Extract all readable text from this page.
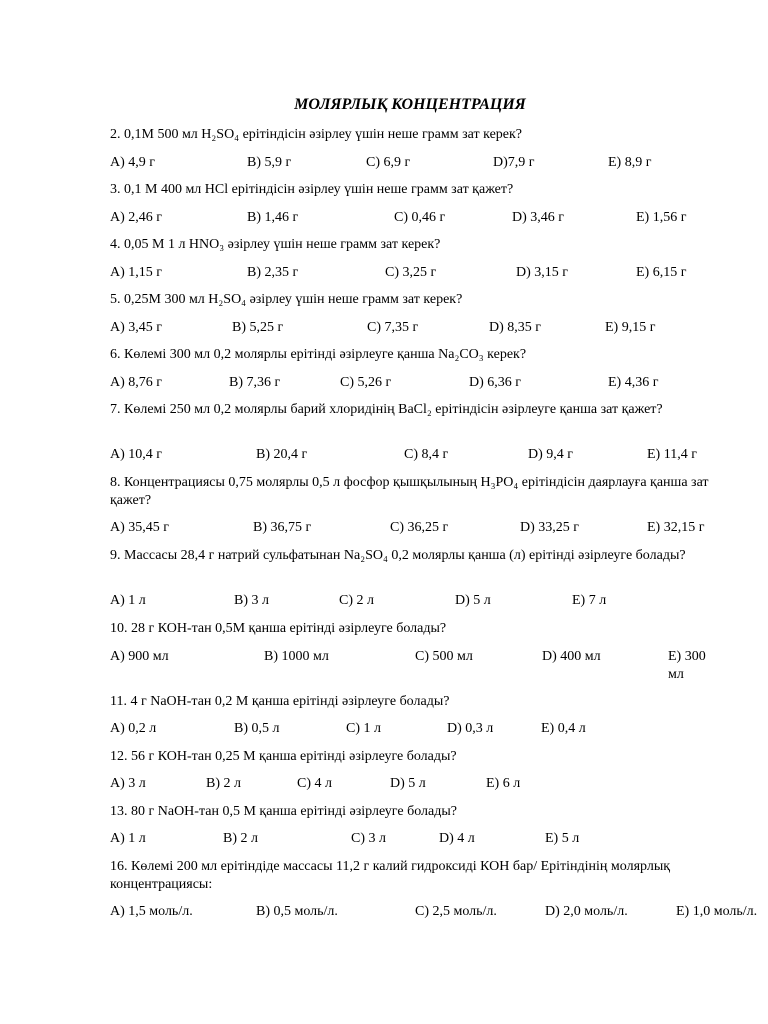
МОЛЯРЛЫҚ КОНЦЕНТРАЦИЯ
2. 0,1М 500 мл H₂SO₄ ерітіндісін әзірлеу үшін неше грамм зат керек?
А) 4,9 г	В) 5,9 г	С) 6,9 г	D)7,9 г	Е) 8,9 г
3. 0,1 М 400 мл HCl ерітіндісін әзірлеу үшін неше грамм зат қажет?
А) 2,46 г	В) 1,46 г	С) 0,46 г	D) 3,46 г	Е) 1,56 г
4. 0,05 М 1 л HNO₃ әзірлеу үшін неше грамм зат керек?
А) 1,15 г	В) 2,35 г	С) 3,25 г	D) 3,15 г	Е) 6,15 г
5. 0,25М 300 мл H₂SO₄ әзірлеу үшін неше грамм зат керек?
А) 3,45 г	В) 5,25 г	С) 7,35 г	D) 8,35 г	Е) 9,15 г
6. Көлемі 300 мл 0,2 молярлы ерітінді әзірлеуге қанша Na₂CO₃ керек?
А) 8,76 г	В) 7,36 г	С) 5,26 г	D) 6,36 г	Е) 4,36 г
7. Көлемі 250 мл 0,2 молярлы барий хлоридінің BaCl₂ ерітіндісін әзірлеуге қанша зат қажет?
А) 10,4 г	В) 20,4 г	С) 8,4 г	D) 9,4 г	Е) 11,4 г
8. Концентрациясы 0,75 молярлы 0,5 л фосфор қышқылының H₃PO₄ ерітіндісін даярлауға қанша зат қажет?
А) 35,45 г	В) 36,75 г	С) 36,25 г	D) 33,25 г	Е) 32,15 г
9. Массасы 28,4 г натрий сульфатынан Na₂SO₄ 0,2 молярлы қанша (л) ерітінді әзірлеуге болады?
А) 1 л	В) 3 л	С) 2 л	D) 5 л	Е) 7 л
10. 28 г КОН-тан 0,5М қанша ерітінді әзірлеуге болады?
А) 900 мл	В) 1000 мл	С) 500 мл	D) 400 мл	Е) 300 мл
11. 4 г NaOH-тан 0,2 М қанша ерітінді әзірлеуге болады?
А) 0,2 л	В) 0,5 л	С) 1 л	D) 0,3 л	Е) 0,4 л
12. 56 г КОН-тан 0,25 М қанша ерітінді әзірлеуге болады?
А) 3 л	В) 2 л	С) 4 л	D) 5 л	Е) 6 л
13. 80 г NaOH-тан 0,5 М қанша ерітінді әзірлеуге болады?
А) 1 л	В) 2 л	С) 3 л	D) 4 л	Е) 5 л
16. Көлемі 200 мл ерітіндіде массасы 11,2 г калий гидроксиді КОН бар/ Ерітіндінің молярлық концентрациясы:
А) 1,5 моль/л.	В) 0,5 моль/л.	С) 2,5 моль/л.	D) 2,0 моль/л.	Е) 1,0 моль/л.
